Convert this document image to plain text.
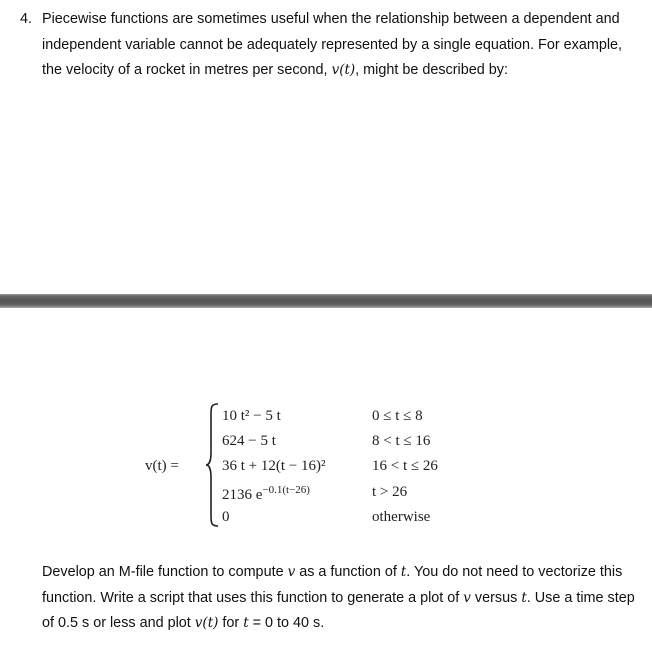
4. Piecewise functions are sometimes useful when the relationship between a dependent and independent variable cannot be adequately represented by a single equation. For example, the velocity of a rocket in metres per second, v(t), might be described by:
v(t) =
10 t² − 5 t	0 ≤ t ≤ 8
624 − 5 t	8 < t ≤ 16
36 t + 12(t − 16)²	16 < t ≤ 26
2136 $e^{-0.1(t-26)}$	t > 26
0	otherwise
Develop an M-file function to compute v as a function of t. You do not need to vectorize this function. Write a script that uses this function to generate a plot of v versus t. Use a time step of 0.5 s or less and plot v(t) for t = 0 to 40 s.
